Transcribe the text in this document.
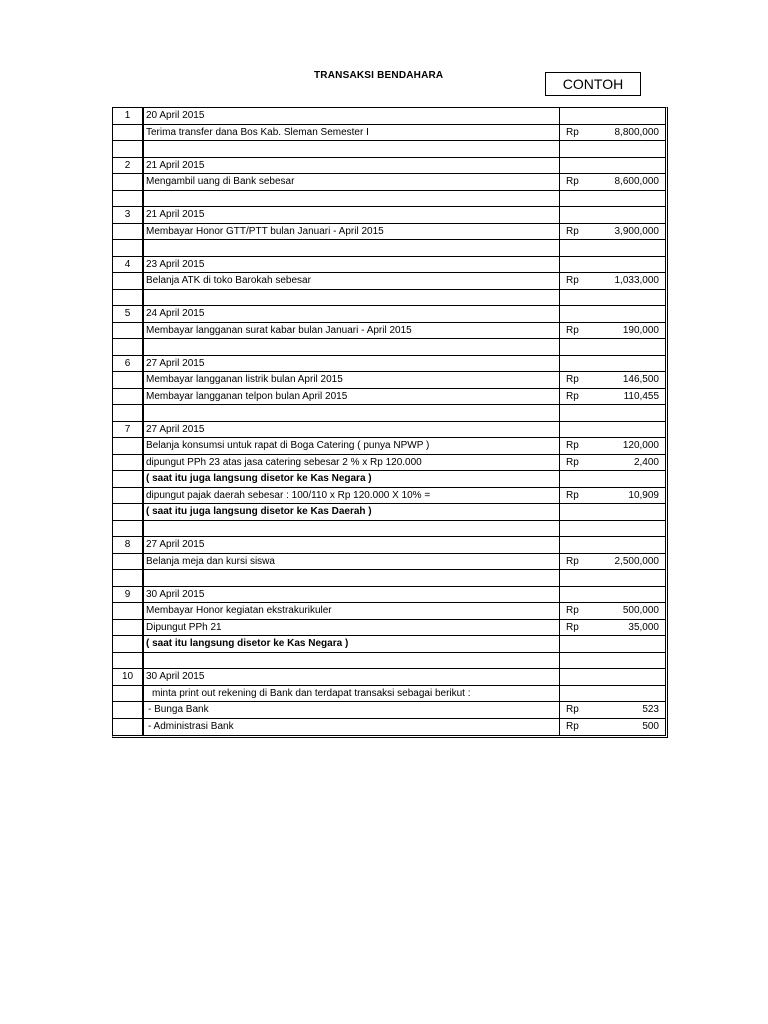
TRANSAKSI BENDAHARA
CONTOH
1	20 April 2015
Terima transfer dana Bos Kab. Sleman Semester I	Rp	8,800,000
2	21 April 2015
Mengambil uang di Bank sebesar	Rp	8,600,000
3	21 April 2015
Membayar Honor GTT/PTT bulan Januari - April 2015	Rp	3,900,000
4	23 April 2015
Belanja ATK di toko Barokah sebesar	Rp	1,033,000
5	24 April 2015
Membayar langganan surat kabar bulan Januari - April 2015	Rp	190,000
6	27 April 2015
Membayar langganan listrik bulan April 2015	Rp	146,500
Membayar langganan telpon bulan April 2015	Rp	110,455
7	27 April 2015
Belanja konsumsi untuk rapat di Boga Catering ( punya NPWP )	Rp	120,000
dipungut PPh 23 atas jasa catering sebesar 2 % x Rp 120.000	Rp	2,400
( saat itu juga langsung disetor ke Kas Negara )
dipungut pajak daerah sebesar : 100/110 x Rp 120.000 X 10% =	Rp	10,909
( saat itu juga langsung disetor ke Kas Daerah )
8	27 April 2015
Belanja meja dan kursi siswa	Rp	2,500,000
9	30 April 2015
Membayar Honor kegiatan ekstrakurikuler	Rp	500,000
Dipungut PPh 21	Rp	35,000
( saat itu langsung disetor ke Kas Negara )
10	30 April 2015
minta print out rekening di Bank dan terdapat transaksi sebagai berikut :
- Bunga Bank	Rp	523
- Administrasi Bank	Rp	500
